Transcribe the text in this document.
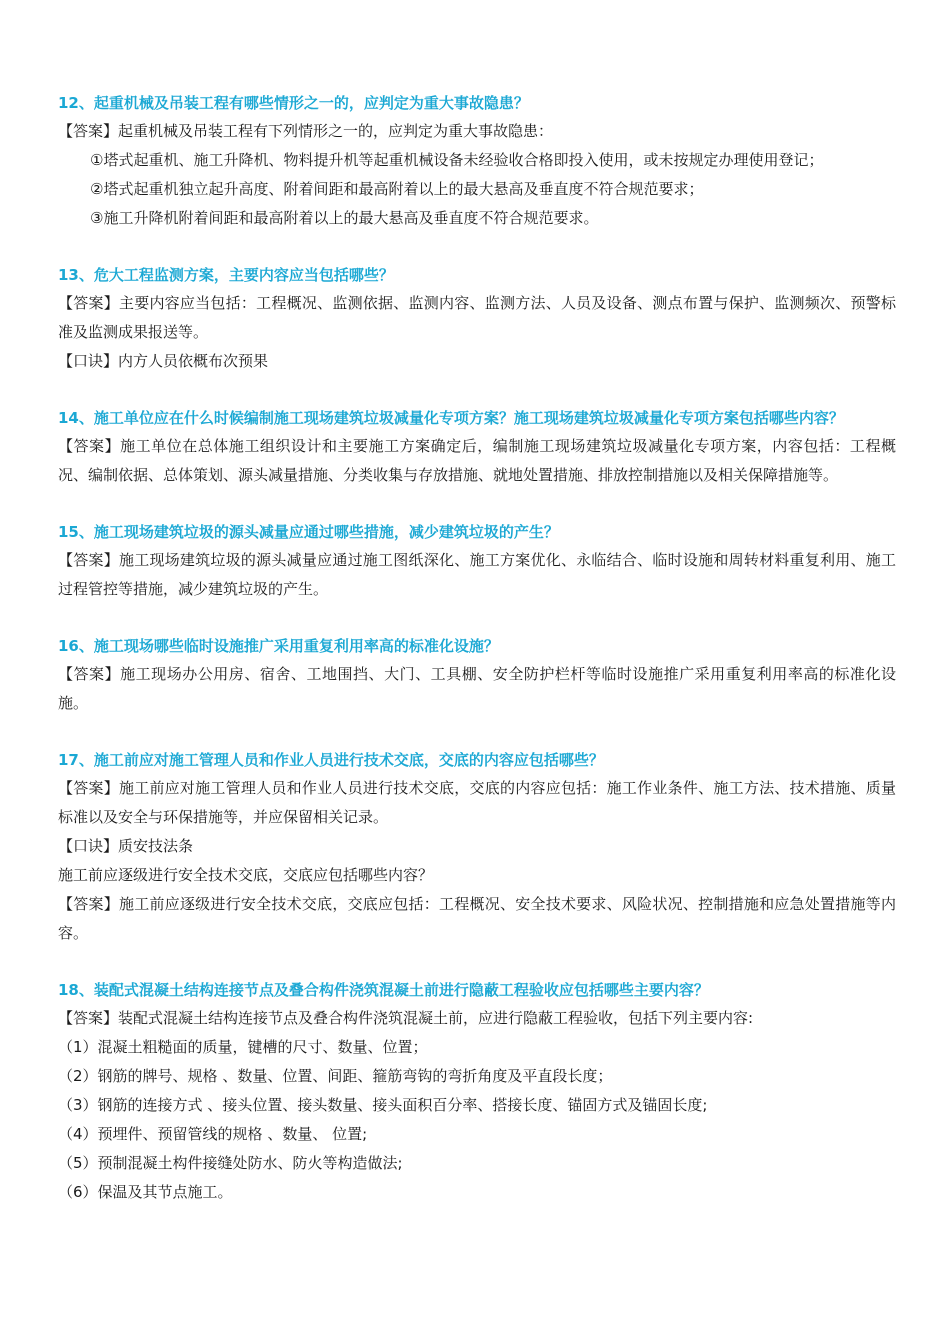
12、起重机械及吊装工程有哪些情形之一的，应判定为重大事故隐患？

【答案】起重机械及吊装工程有下列情形之一的，应判定为重大事故隐患：

①塔式起重机、施工升降机、物料提升机等起重机械设备未经验收合格即投入使用，或未按规定办理使用登记；

②塔式起重机独立起升高度、附着间距和最高附着以上的最大悬高及垂直度不符合规范要求；

③施工升降机附着间距和最高附着以上的最大悬高及垂直度不符合规范要求。

13、危大工程监测方案，主要内容应当包括哪些？

【答案】主要内容应当包括：工程概况、监测依据、监测内容、监测方法、人员及设备、测点布置与保护、监测频次、预警标准及监测成果报送等。

【口诀】内方人员依概布次预果

14、施工单位应在什么时候编制施工现场建筑垃圾减量化专项方案？施工现场建筑垃圾减量化专项方案包括哪些内容？

【答案】施工单位在总体施工组织设计和主要施工方案确定后，编制施工现场建筑垃圾减量化专项方案，内容包括：工程概况、编制依据、总体策划、源头减量措施、分类收集与存放措施、就地处置措施、排放控制措施以及相关保障措施等。

15、施工现场建筑垃圾的源头减量应通过哪些措施，减少建筑垃圾的产生？

【答案】施工现场建筑垃圾的源头减量应通过施工图纸深化、施工方案优化、永临结合、临时设施和周转材料重复利用、施工过程管控等措施，减少建筑垃圾的产生。

16、施工现场哪些临时设施推广采用重复利用率高的标准化设施？

【答案】施工现场办公用房、宿舍、工地围挡、大门、工具棚、安全防护栏杆等临时设施推广采用重复利用率高的标准化设施。

17、施工前应对施工管理人员和作业人员进行技术交底，交底的内容应包括哪些？

【答案】施工前应对施工管理人员和作业人员进行技术交底，交底的内容应包括：施工作业条件、施工方法、技术措施、质量标准以及安全与环保措施等，并应保留相关记录。

【口诀】质安技法条

施工前应逐级进行安全技术交底，交底应包括哪些内容？

【答案】施工前应逐级进行安全技术交底，交底应包括：工程概况、安全技术要求、风险状况、控制措施和应急处置措施等内容。

18、装配式混凝土结构连接节点及叠合构件浇筑混凝土前进行隐蔽工程验收应包括哪些主要内容？

【答案】装配式混凝土结构连接节点及叠合构件浇筑混凝土前，应进行隐蔽工程验收，包括下列主要内容:

（1）混凝土粗糙面的质量，键槽的尺寸、数量、位置；

（2）钢筋的牌号、规格 、数量、位置、间距、箍筋弯钩的弯折角度及平直段长度；

（3）钢筋的连接方式 、接头位置、接头数量、接头面积百分率、搭接长度、锚固方式及锚固长度;

（4）预埋件、预留管线的规格 、数量、 位置;

（5）预制混凝土构件接缝处防水、防火等构造做法;

（6）保温及其节点施工。
